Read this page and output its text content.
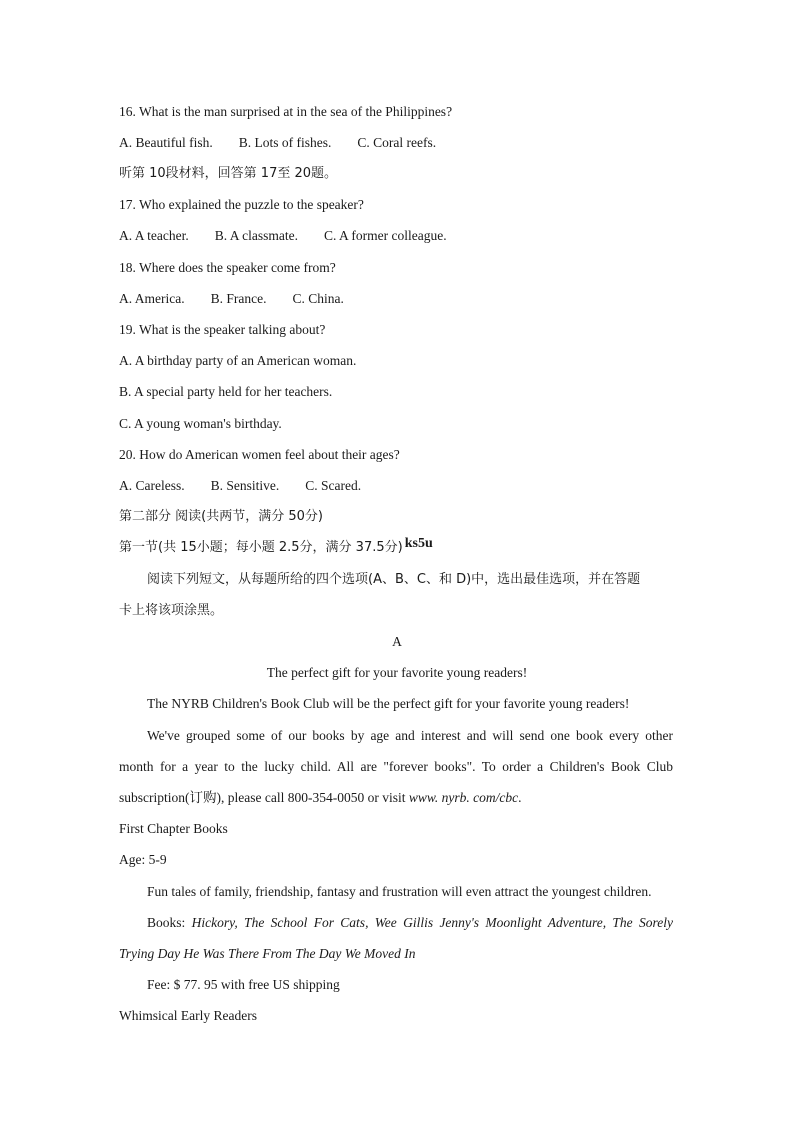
16. What is the man surprised at in the sea of the Philippines?
A. Beautiful fish. B. Lots of fishes. C. Coral reefs.
听第 10段材料，回答第 17至 20题。
17. Who explained the puzzle to the speaker?
A. A teacher. B. A classmate. C. A former colleague.
18. Where does the speaker come from?
A. America. B. France. C. China.
19. What is the speaker talking about?
A. A birthday party of an American woman.
B. A special party held for her teachers.
C. A young woman's birthday.
20. How do American women feel about their ages?
A. Careless. B. Sensitive. C. Scared.
第二部分 阅读(共两节，满分 50分)
第一节(共 15小题；每小题 2.5分，满分 37.5分) ks5u
阅读下列短文，从每题所给的四个选项(A、B、C、和 D)中，选出最佳选项，并在答题
卡上将该项涂黑。
A
The perfect gift for your favorite young readers!
The NYRB Children's Book Club will be the perfect gift for your favorite young readers!
We've grouped some of our books by age and interest and will send one book every other
month for a year to the lucky child. All are "forever books". To order a Children's Book Club
subscription(订购), please call 800-354-0050 or visit www. nyrb. com/cbc.
First Chapter Books
Age: 5-9
Fun tales of family, friendship, fantasy and frustration will even attract the youngest children.
Books: Hickory, The School For Cats, Wee Gillis Jenny's Moonlight Adventure, The Sorely
Trying Day He Was There From The Day We Moved In
Fee: $ 77. 95 with free US shipping
Whimsical Early Readers
